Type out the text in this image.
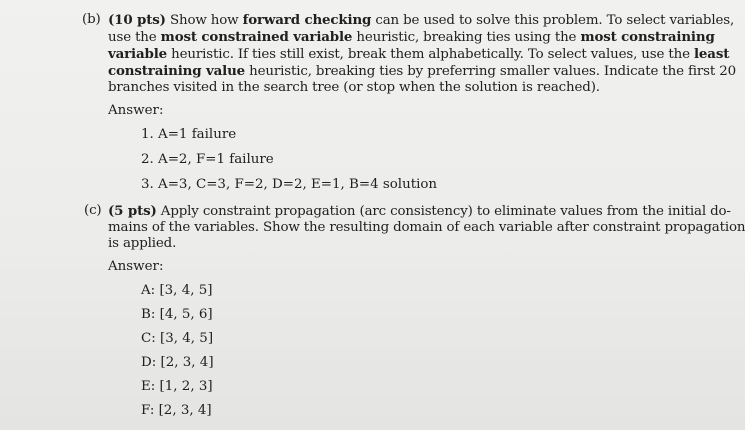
(b) (10 pts) Show how forward checking can be used to solve this problem. To select variables,
use the most constrained variable heuristic, breaking ties using the most constraining
variable heuristic. If ties still exist, break them alphabetically. To select values, use the least
constraining value heuristic, breaking ties by preferring smaller values. Indicate the first 20
branches visited in the search tree (or stop when the solution is reached).
Answer:
1. A=1 failure
2. A=2, F=1 failure
3. A=3, C=3, F=2, D=2, E=1, B=4 solution
(c) (5 pts) Apply constraint propagation (arc consistency) to eliminate values from the initial do-
mains of the variables. Show the resulting domain of each variable after constraint propagation
is applied.
Answer:
A: [3, 4, 5]
B: [4, 5, 6]
C: [3, 4, 5]
D: [2, 3, 4]
E: [1, 2, 3]
F: [2, 3, 4]
